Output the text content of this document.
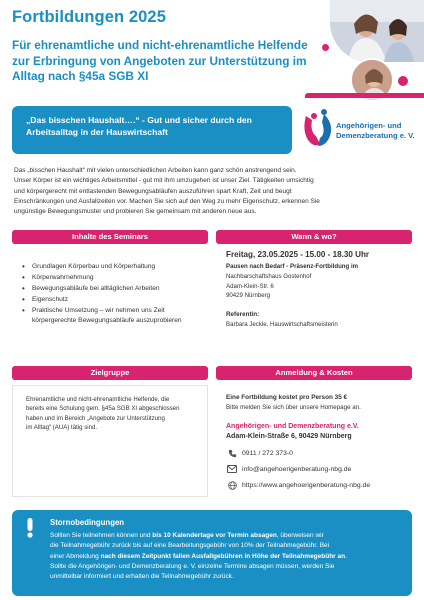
Fortbildungen 2025
Für ehrenamtliche und nicht-ehrenamtliche Helfende
zur Erbringung von Angeboten zur Unterstützung im
Alltag nach §45a SGB XI
„Das bisschen Haushalt….“ - Gut und sicher durch den
Arbeitsalltag in der Hauswirtschaft
Angehörigen- und
Demenzberatung e. V.
Das „bisschen Haushalt“ mit vielen unterschiedlichen Arbeiten kann ganz schön anstrengend sein.
Unser Körper ist ein wichtiges Arbeitsmittel - gut mit ihm umzugehen ist unser Ziel. Tätigkeiten umsichtig
und körpergerecht mit entlastenden Bewegungsabläufen auszuführen spart Kraft, Zeit und beugt
Einschränkungen und Ausfallzeiten vor. Machen Sie sich auf den Weg zu mehr Eigenschutz, erkennen Sie
ungünstige Bewegungsmuster und probieren Sie gemeinsam mit anderen neue aus.
Inhalte des Seminars	Wann & wo?
• Grundlagen Körperbau und Körperhaltung
• Körperwahrnehmung
• Bewegungsabläufe bei alltäglichen Arbeiten
• Eigenschutz
• Praktische Umsetzung – wir nehmen uns Zeit körpergerechte Bewegungsabläufe auszuprobieren
Freitag, 23.05.2025 - 15.00 - 18.30 Uhr
Pausen nach Bedarf - Präsenz-Fortbildung im
Nachbarschaftshaus Gostenhof
Adam-Klein-Str. 6
90429 Nürnberg
Referentin:
Barbara Jeckle, Hauswirtschaftsmeisterin
Zielgruppe	Anmeldung & Kosten
Ehrenamtliche und nicht-ehrenamtliche Helfende, die
bereits eine Schulung gem. §45a SGB XI abgeschlossen
haben und im Bereich „Angebote zur Unterstützung
im Alltag“ (AUA) tätig sind.
Eine Fortbildung kostet pro Person 35 €
Bitte melden Sie sich über unsere Homepage an.
Angehörigen- und Demenzberatung e.V.
Adam-Klein-Straße 6, 90429 Nürnberg
0911 / 272 373-0
info@angehoerigenberatung-nbg.de
https://www.angehoerigenberatung-nbg.de
Stornobedingungen
Sollten Sie teilnehmen können und bis 10 Kalendertage vor Termin absagen, überweisen wir
die Teilnahmegebühr zurück bis auf eine Bearbeitungsgebühr von 10% der Teilnahmegebühr. Bei
einer Abmeldung nach diesem Zeitpunkt fallen Ausfallgebühren in Höhe der Teilnahmegebühr an.
Sollte die Angehörigen- und Demenzberatung e. V. einzelne Termine absagen müssen, werden Sie
unmittelbar informiert und erhalten die Teilnahmegebühr zurück.
